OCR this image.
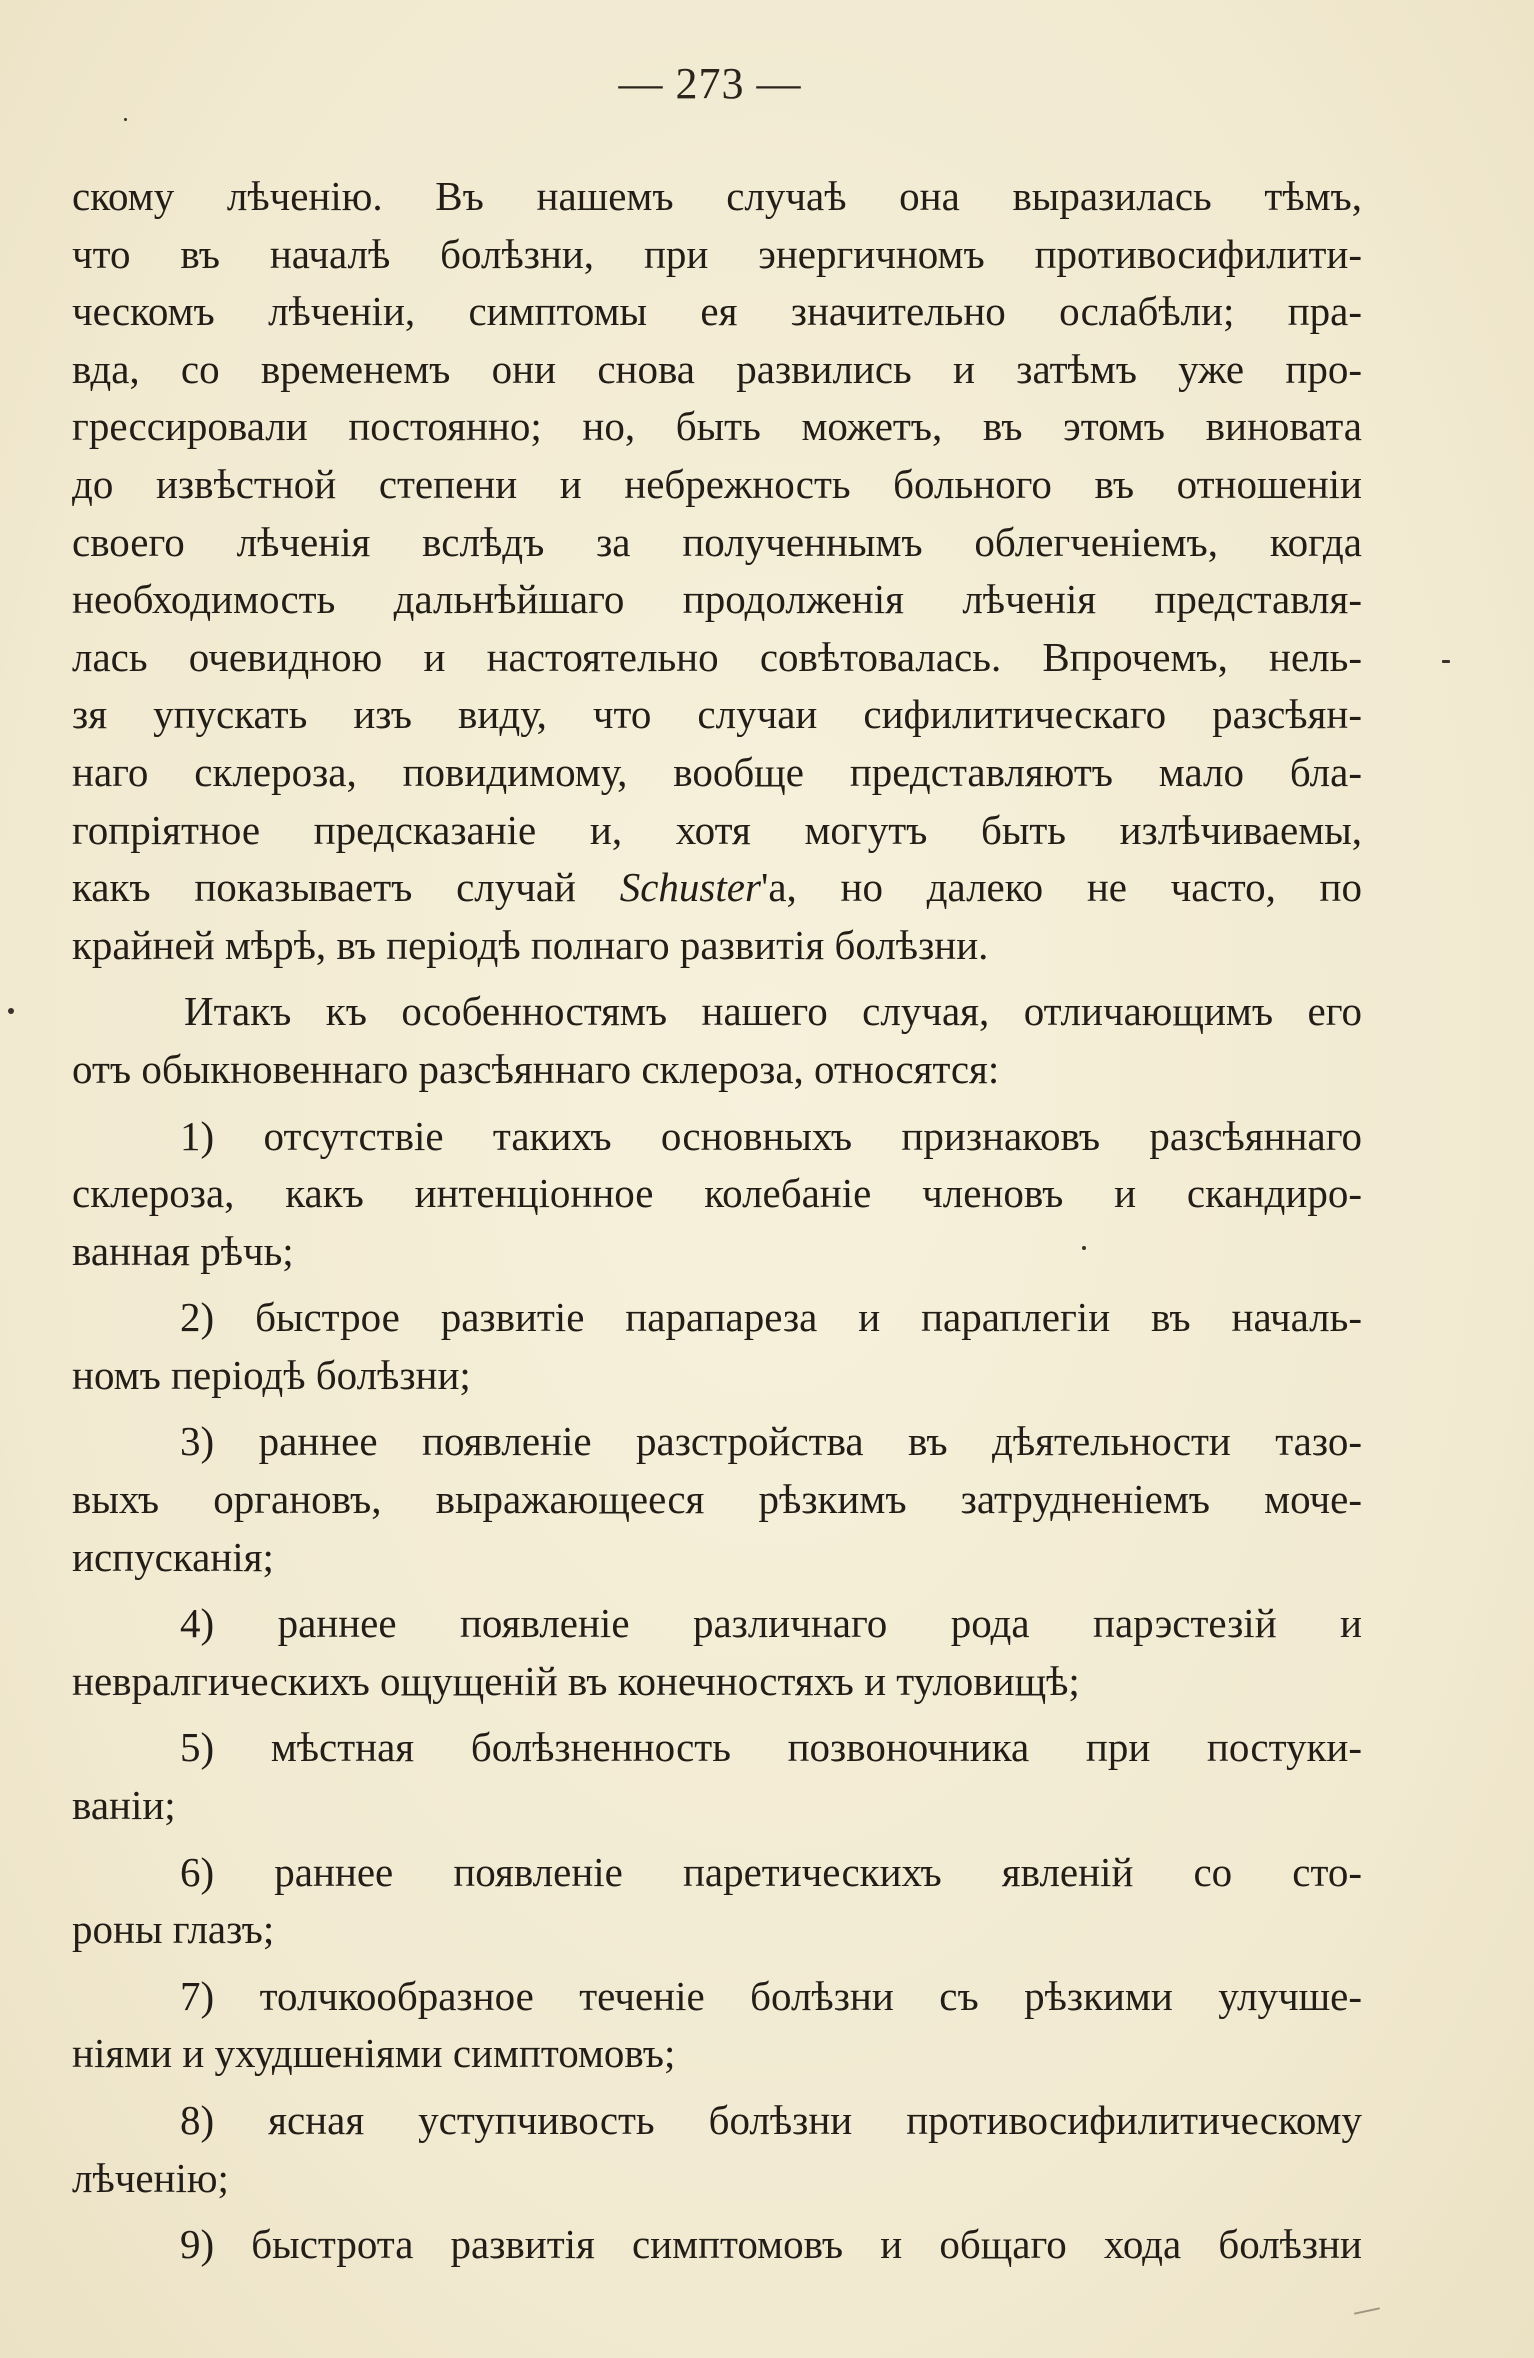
— 273 —
скому лѣченію. Въ нашемъ случаѣ она выразилась тѣмъ,
что въ началѣ болѣзни, при энергичномъ противосифилити-
ческомъ лѣченіи, симптомы ея значительно ослабѣли; пра-
вда, со временемъ они снова развились и затѣмъ уже про-
грессировали постоянно; но, быть можетъ, въ этомъ виновата
до извѣстной степени и небрежность больного въ отношеніи
своего лѣченія вслѣдъ за полученнымъ облегченіемъ, когда
необходимость дальнѣйшаго продолженія лѣченія представля-
лась очевидною и настоятельно совѣтовалась. Впрочемъ, нель-
зя упускать изъ виду, что случаи сифилитическаго разсѣян-
наго склероза, повидимому, вообще представляютъ мало бла-
гопріятное предсказаніе и, хотя могутъ быть излѣчиваемы,
какъ показываетъ случай Schuster'а, но далеко не часто, по
крайней мѣрѣ, въ періодѣ полнаго развитія болѣзни.
Итакъ къ особенностямъ нашего случая, отличающимъ его
отъ обыкновеннаго разсѣяннаго склероза, относятся:
1) отсутствіе такихъ основныхъ признаковъ разсѣяннаго
склероза, какъ интенціонное колебаніе членовъ и скандиро-
ванная рѣчь;
2) быстрое развитіе парапареза и параплегіи въ началь-
номъ періодѣ болѣзни;
3) раннее появленіе разстройства въ дѣятельности тазо-
выхъ органовъ, выражающееся рѣзкимъ затрудненіемъ моче-
испусканія;
4) раннее появленіе различнаго рода парэстезій и
невралгическихъ ощущеній въ конечностяхъ и туловищѣ;
5) мѣстная болѣзненность позвоночника при постуки-
ваніи;
6) раннее появленіе паретическихъ явленій со сто-
роны глазъ;
7) толчкообразное теченіе болѣзни съ рѣзкими улучше-
ніями и ухудшеніями симптомовъ;
8) ясная уступчивость болѣзни противосифилитическому
лѣченію;
9) быстрота развитія симптомовъ и общаго хода болѣзни
